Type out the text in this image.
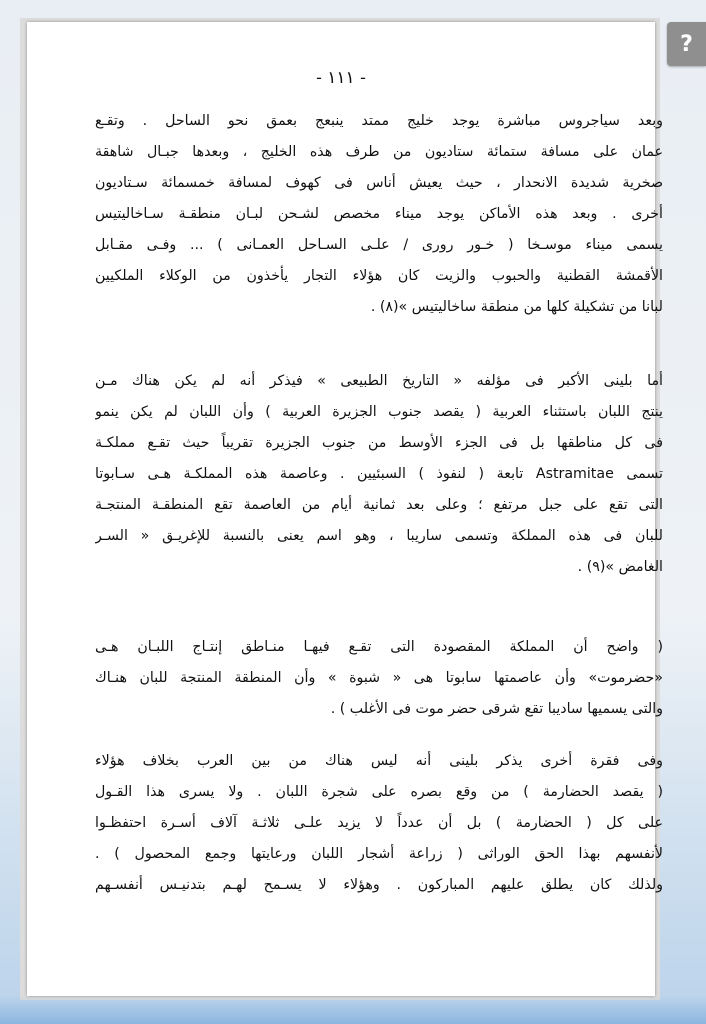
- ١١١ -
وبعد سياجروس مباشرة يوجد خليج ممتد ينبعج بعمق نحو الساحل . وتقـع
عمان على مسافة ستمائة ستاديون من طرف هذه الخليج ، وبعدها جبـال شاهقة
صخرية شديدة الانحدار ، حيث يعيش أناس فى كهوف لمسافة خمسمائة سـتاديون
أخرى . وبعد هذه الأماكن يوجد ميناء مخصص لشـحن لبـان منطقـة سـاخاليتيس
يسمى ميناء موسـخا ( خـور روری / علـى السـاحل العمـانى ) ... وفـى مقـابل
الأقمشة القطنية والحبوب والزيت كان هؤلاء التجار يأخذون من الوكلاء الملكيين
لبانا من تشكيلة كلها من منطقة ساخاليتيس »(٨) .
أما بلينى الأكبر فى مؤلفه « التاريخ الطبيعى » فيذكر أنه لم يكن هناك مـن
ينتج اللبان باستثناء العربية ( يقصد جنوب الجزيرة العربية ) وأن اللبان لم يكن ينمو
فى كل مناطقها بل فى الجزء الأوسط من جنوب الجزيرة تقريباً حيث تقـع مملكـة
تسمى Astramitae تابعة ( لنفوذ ) السبئيين . وعاصمة هذه المملكـة هـى سـابوتا
التى تقع على جبل مرتفع ؛ وعلى بعد ثمانية أيام من العاصمة تقع المنطقـة المنتجـة
للبان فى هذه المملكة وتسمى ساريبا ، وهو اسم يعنى بالنسبة للإغريـق « السـر
الغامض »(٩) .
( واضح أن المملكة المقصودة التى تقـع فيهـا منـاطق إنتـاج اللبـان هـى
«حضرموت» وأن عاصمتها سابوتا هى « شبوة » وأن المنطقة المنتجة للبان هنـاك
والتى يسميها ساديبا تقع شرقى حضر موت فى الأغلب ) .
وفى فقرة أخرى يذكر بلينى أنه ليس هناك من بين العرب بخلاف هؤلاء
( يقصد الحضارمة ) من وقع بصره على شجرة اللبان . ولا يسرى هذا القـول
على كل ( الحضارمة ) بل أن عدداً لا يزيد علـى ثلاثـة آلاف أسـرة احتفظـوا
لأنفسهم بهذا الحق الوراثى ( زراعة أشجار اللبان ورعايتها وجمع المحصول ) .
ولذلك كان يطلق عليهم المباركون . وهؤلاء لا يسـمح لهـم بتدنيـس أنفسـهم
?
